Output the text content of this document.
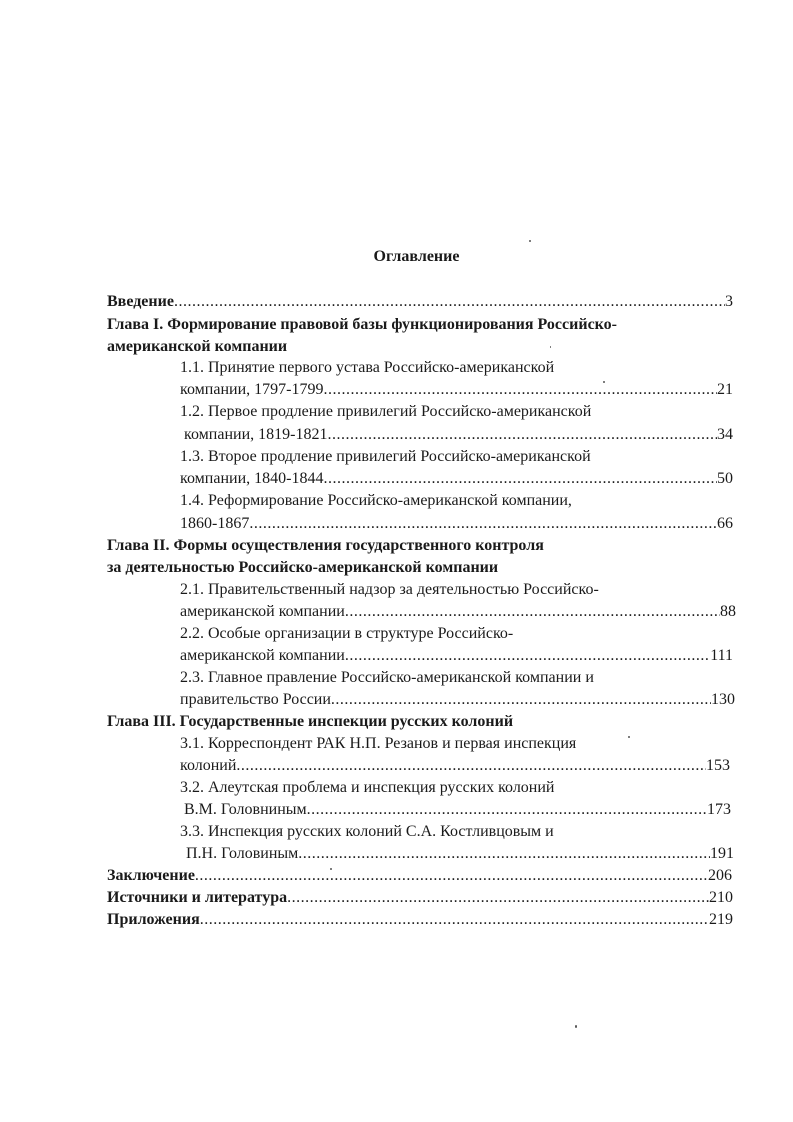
Оглавление
Введение .....	3
Глава I. Формирование правовой базы функционирования Российско-
американской компании
1.1. Принятие первого устава Российско-американской
компании, 1797-1799 .....	21
1.2. Первое продление привилегий Российско-американской
компании, 1819-1821 .....	34
1.3. Второе продление привилегий Российско-американской
компании, 1840-1844 .....	50
1.4. Реформирование Российско-американской компании,
1860-1867 .....	66
Глава II. Формы осуществления государственного контроля
за деятельностью Российско-американской компании
2.1. Правительственный надзор за деятельностью Российско-
американской компании .....	88
2.2. Особые организации в структуре Российско-
американской компании .....	111
2.3. Главное правление Российско-американской компании и
правительство России .....	130
Глава III. Государственные инспекции русских колоний
3.1. Корреспондент РАК Н.П. Резанов и первая инспекция
колоний .....	153
3.2. Алеутская проблема и инспекция русских колоний
В.М. Головниным .....	173
3.3. Инспекция русских колоний С.А. Костливцовым и
П.Н. Головиным .....	191
Заключение .....	206
Источники и литература .....	210
Приложения .....	219
